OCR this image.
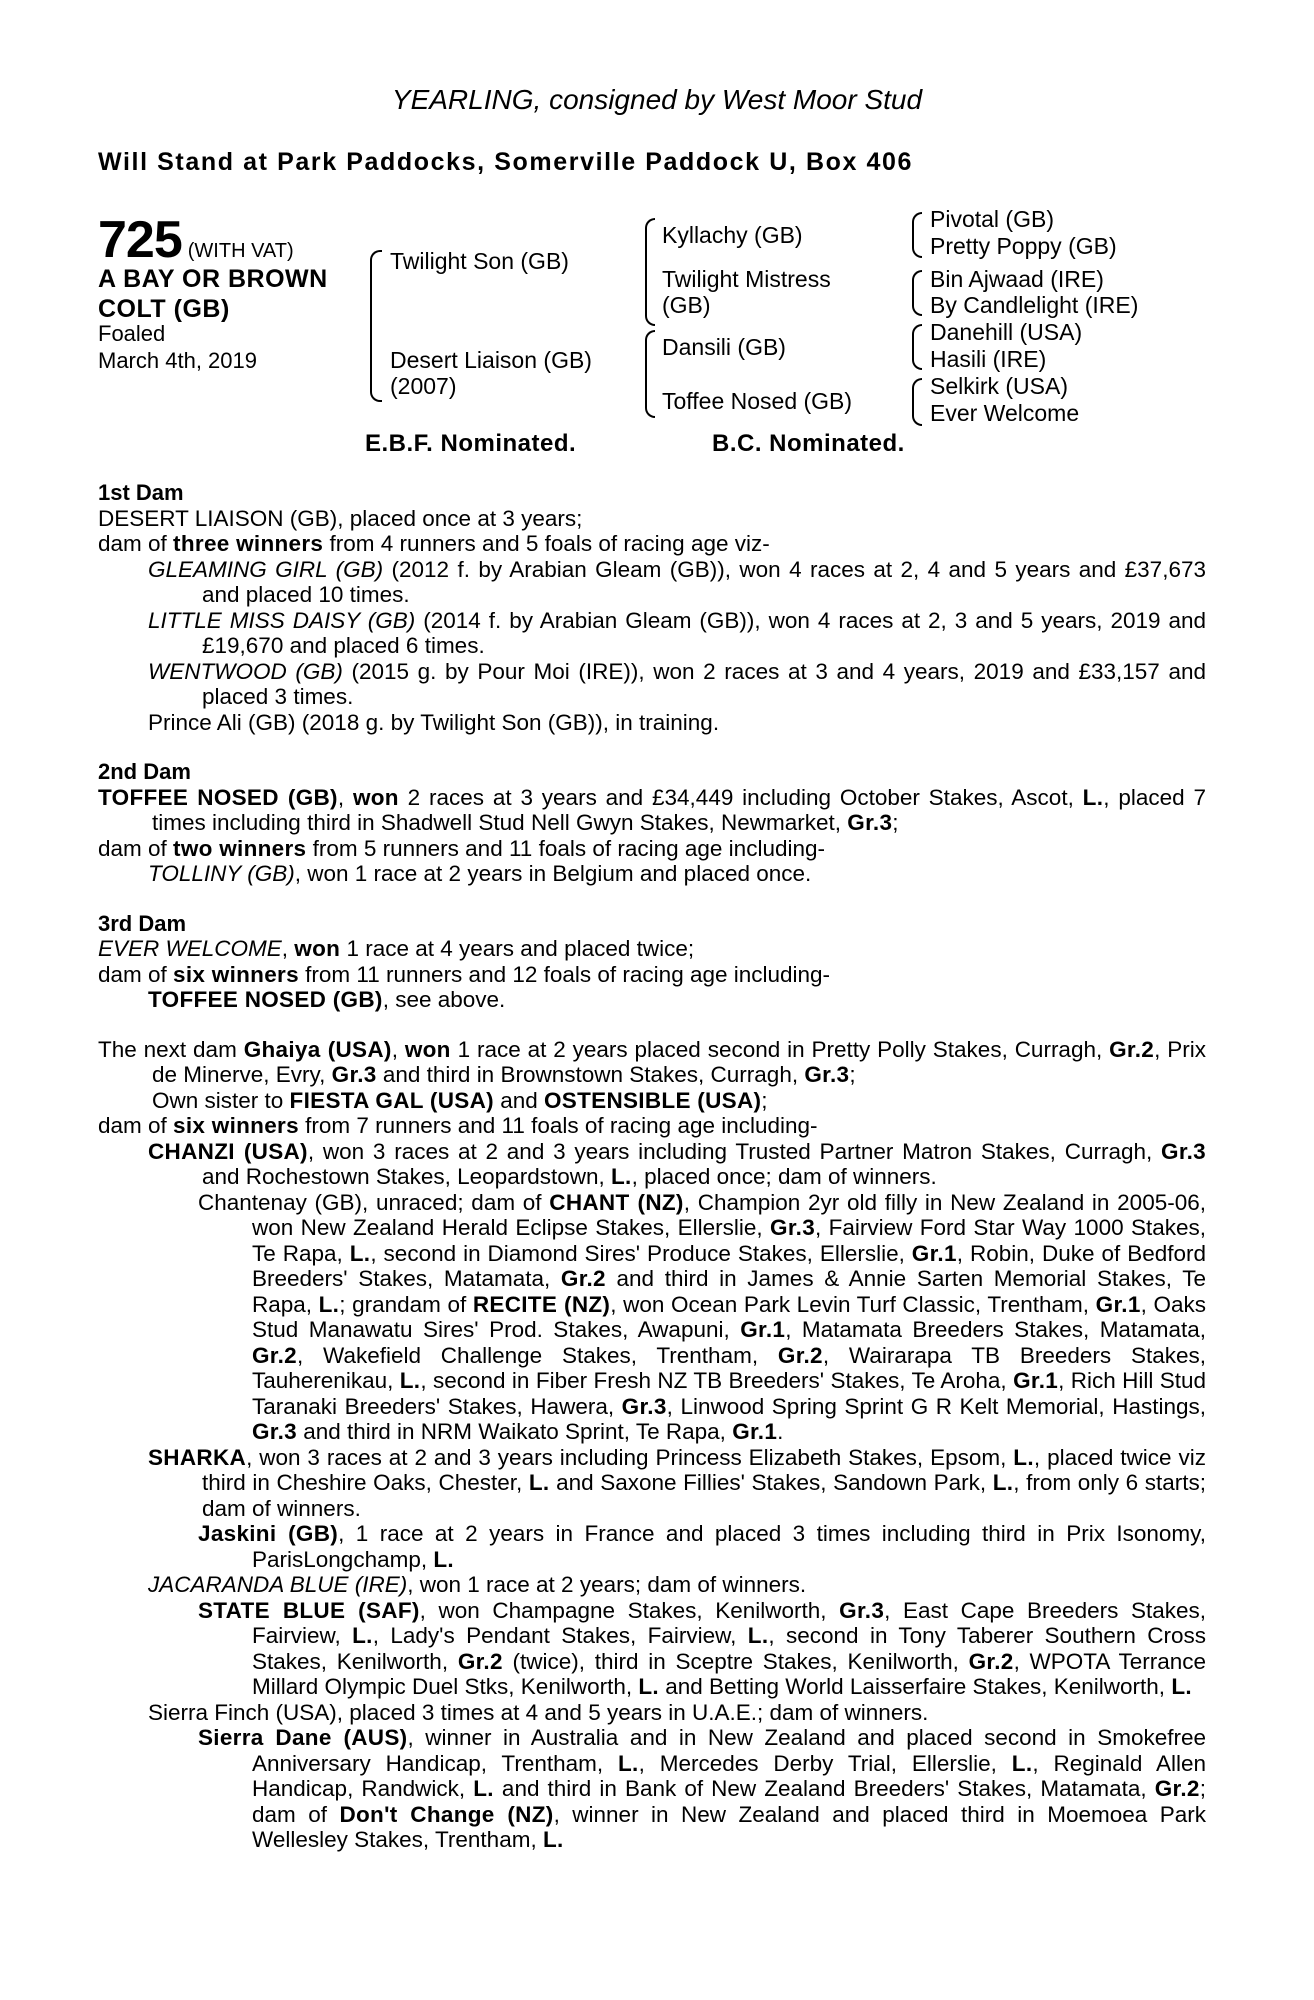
YEARLING, consigned by West Moor Stud
Will Stand at Park Paddocks, Somerville Paddock U, Box 406
725 (WITH VAT)
A BAY OR BROWN
COLT (GB)
Foaled
March 4th, 2019
Twilight Son (GB)
Desert Liaison (GB)
(2007)
Kyllachy (GB)
Twilight Mistress
(GB)
Dansili (GB)
Toffee Nosed (GB)
Pivotal (GB)
Pretty Poppy (GB)
Bin Ajwaad (IRE)
By Candlelight (IRE)
Danehill (USA)
Hasili (IRE)
Selkirk (USA)
Ever Welcome
E.B.F. Nominated.	B.C. Nominated.
1st Dam

DESERT LIAISON (GB), placed once at 3 years;

dam of three winners from 4 runners and 5 foals of racing age viz-

GLEAMING GIRL (GB) (2012 f. by Arabian Gleam (GB)), won 4 races at 2, 4 and 5 years and £37,673 and placed 10 times.

LITTLE MISS DAISY (GB) (2014 f. by Arabian Gleam (GB)), won 4 races at 2, 3 and 5 years, 2019 and £19,670 and placed 6 times.

WENTWOOD (GB) (2015 g. by Pour Moi (IRE)), won 2 races at 3 and 4 years, 2019 and £33,157 and placed 3 times.

Prince Ali (GB) (2018 g. by Twilight Son (GB)), in training.

2nd Dam

TOFFEE NOSED (GB), won 2 races at 3 years and £34,449 including October Stakes, Ascot, L., placed 7 times including third in Shadwell Stud Nell Gwyn Stakes, Newmarket, Gr.3;

dam of two winners from 5 runners and 11 foals of racing age including-

TOLLINY (GB), won 1 race at 2 years in Belgium and placed once.

3rd Dam

EVER WELCOME, won 1 race at 4 years and placed twice;

dam of six winners from 11 runners and 12 foals of racing age including-

TOFFEE NOSED (GB), see above.

The next dam Ghaiya (USA), won 1 race at 2 years placed second in Pretty Polly Stakes, Curragh, Gr.2, Prix de Minerve, Evry, Gr.3 and third in Brownstown Stakes, Curragh, Gr.3;

Own sister to FIESTA GAL (USA) and OSTENSIBLE (USA);

dam of six winners from 7 runners and 11 foals of racing age including-

CHANZI (USA), won 3 races at 2 and 3 years including Trusted Partner Matron Stakes, Curragh, Gr.3 and Rochestown Stakes, Leopardstown, L., placed once; dam of winners.

Chantenay (GB), unraced; dam of CHANT (NZ), Champion 2yr old filly in New Zealand in 2005-06, won New Zealand Herald Eclipse Stakes, Ellerslie, Gr.3, Fairview Ford Star Way 1000 Stakes, Te Rapa, L., second in Diamond Sires' Produce Stakes, Ellerslie, Gr.1, Robin, Duke of Bedford Breeders' Stakes, Matamata, Gr.2 and third in James & Annie Sarten Memorial Stakes, Te Rapa, L.; grandam of RECITE (NZ), won Ocean Park Levin Turf Classic, Trentham, Gr.1, Oaks Stud Manawatu Sires' Prod. Stakes, Awapuni, Gr.1, Matamata Breeders Stakes, Matamata, Gr.2, Wakefield Challenge Stakes, Trentham, Gr.2, Wairarapa TB Breeders Stakes, Tauherenikau, L., second in Fiber Fresh NZ TB Breeders' Stakes, Te Aroha, Gr.1, Rich Hill Stud Taranaki Breeders' Stakes, Hawera, Gr.3, Linwood Spring Sprint G R Kelt Memorial, Hastings, Gr.3 and third in NRM Waikato Sprint, Te Rapa, Gr.1.

SHARKA, won 3 races at 2 and 3 years including Princess Elizabeth Stakes, Epsom, L., placed twice viz third in Cheshire Oaks, Chester, L. and Saxone Fillies' Stakes, Sandown Park, L., from only 6 starts; dam of winners.

Jaskini (GB), 1 race at 2 years in France and placed 3 times including third in Prix Isonomy, ParisLongchamp, L.

JACARANDA BLUE (IRE), won 1 race at 2 years; dam of winners.

STATE BLUE (SAF), won Champagne Stakes, Kenilworth, Gr.3, East Cape Breeders Stakes, Fairview, L., Lady's Pendant Stakes, Fairview, L., second in Tony Taberer Southern Cross Stakes, Kenilworth, Gr.2 (twice), third in Sceptre Stakes, Kenilworth, Gr.2, WPOTA Terrance Millard Olympic Duel Stks, Kenilworth, L. and Betting World Laisserfaire Stakes, Kenilworth, L.

Sierra Finch (USA), placed 3 times at 4 and 5 years in U.A.E.; dam of winners.

Sierra Dane (AUS), winner in Australia and in New Zealand and placed second in Smokefree Anniversary Handicap, Trentham, L., Mercedes Derby Trial, Ellerslie, L., Reginald Allen Handicap, Randwick, L. and third in Bank of New Zealand Breeders' Stakes, Matamata, Gr.2; dam of Don't Change (NZ), winner in New Zealand and placed third in Moemoea Park Wellesley Stakes, Trentham, L.
